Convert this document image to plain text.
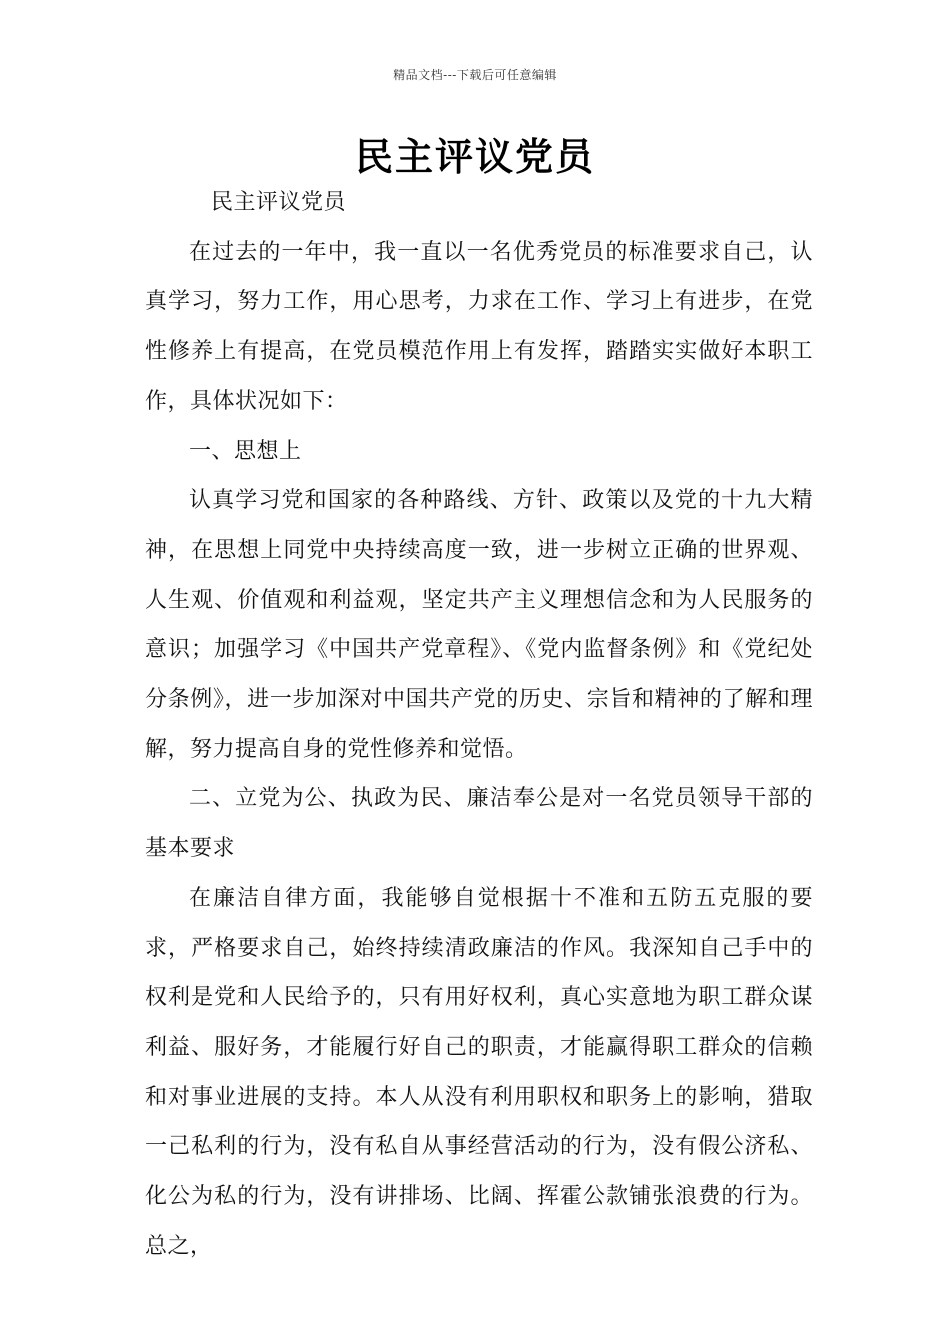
精品文档---下载后可任意编辑
民主评议党员

民主评议党员

在过去的一年中，我一直以一名优秀党员的标准要求自己，认真学习，努力工作，用心思考，力求在工作、学习上有进步，在党性修养上有提高，在党员模范作用上有发挥，踏踏实实做好本职工作，具体状况如下：

一、思想上

认真学习党和国家的各种路线、方针、政策以及党的十九大精神，在思想上同党中央持续高度一致，进一步树立正确的世界观、人生观、价值观和利益观，坚定共产主义理想信念和为人民服务的意识；加强学习《中国共产党章程》、《党内监督条例》和《党纪处分条例》，进一步加深对中国共产党的历史、宗旨和精神的了解和理解，努力提高自身的党性修养和觉悟。

二、立党为公、执政为民、廉洁奉公是对一名党员领导干部的基本要求

在廉洁自律方面，我能够自觉根据十不准和五防五克服的要求，严格要求自己，始终持续清政廉洁的作风。我深知自己手中的权利是党和人民给予的，只有用好权利，真心实意地为职工群众谋利益、服好务，才能履行好自己的职责，才能赢得职工群众的信赖和对事业进展的支持。本人从没有利用职权和职务上的影响，猎取一己私利的行为，没有私自从事经营活动的行为，没有假公济私、化公为私的行为，没有讲排场、比阔、挥霍公款铺张浪费的行为。总之，
